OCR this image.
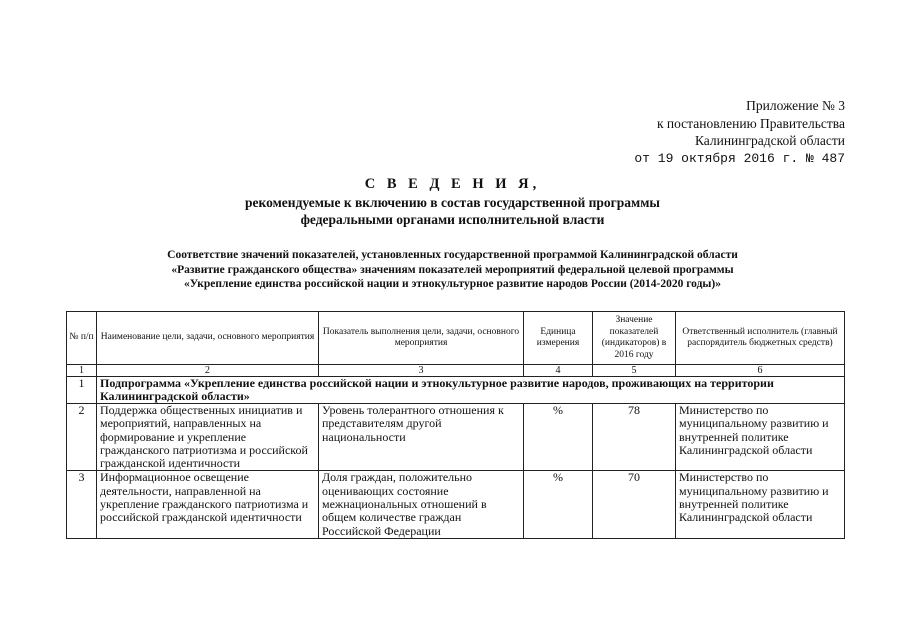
Приложение № 3
к постановлению Правительства
Калининградской области
от 19 октября 2016 г. № 487
С В Е Д Е Н И Я,
рекомендуемые к включению в состав государственной программы
федеральными органами исполнительной власти
Соответствие значений показателей, установленных государственной программой Калининградской области
«Развитие гражданского общества» значениям показателей мероприятий федеральной целевой программы
«Укрепление единства российской нации и этнокультурное развитие народов России (2014-2020 годы)»
№ п/п	Наименование цели, задачи, основного мероприятия	Показатель выполнения цели, задачи, основного мероприятия	Единица измерения	Значение показателей (индикаторов) в 2016 году	Ответственный исполнитель (главный распорядитель бюджетных средств)
1	2	3	4	5	6
1	Подпрограмма «Укрепление единства российской нации и этнокультурное развитие народов, проживающих на территории Калининградской области»				
2	Поддержка общественных инициатив и мероприятий, направленных на формирование и укрепление гражданского патриотизма и российской гражданской идентичности	Уровень толерантного отношения к представителям другой национальности	%	78	Министерство по муниципальному развитию и внутренней политике Калининградской области
3	Информационное освещение деятельности, направленной на укрепление гражданского патриотизма и российской гражданской идентичности	Доля граждан, положительно оценивающих состояние межнациональных отношений в общем количестве граждан Российской Федерации	%	70	Министерство по муниципальному развитию и внутренней политике Калининградской области
